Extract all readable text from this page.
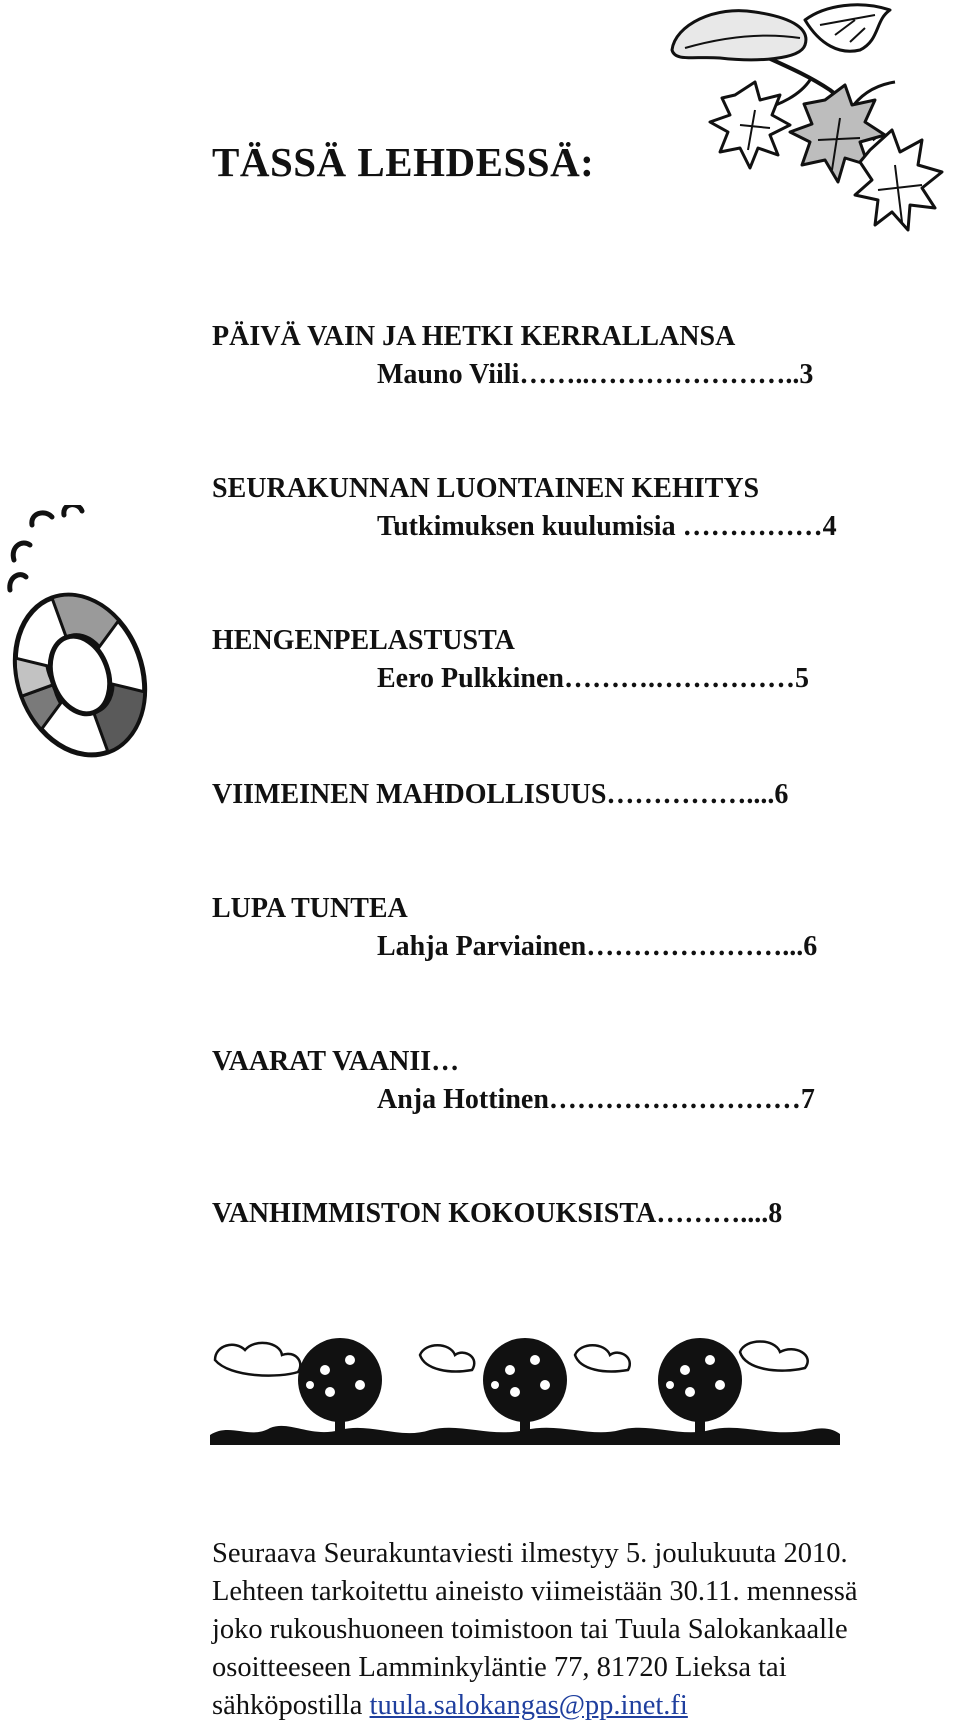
TÄSSÄ LEHDESSÄ:
PÄIVÄ VAIN JA HETKI KERRALLANSA
Mauno Viili……..…………………..3
SEURAKUNNAN LUONTAINEN KEHITYS
Tutkimuksen kuulumisia ……………4
HENGENPELASTUSTA
Eero Pulkkinen……….……………5
VIIMEINEN MAHDOLLISUUS……………....6
LUPA TUNTEA
Lahja Parviainen…………………...6
VAARAT VAANII…
Anja Hottinen………………………7
VANHIMMISTON KOKOUKSISTA………....8
Seuraava Seurakuntaviesti ilmestyy 5. joulukuuta 2010.
Lehteen tarkoitettu aineisto viimeistään 30.11. mennessä
joko rukoushuoneen toimistoon tai Tuula Salokankaalle
osoitteeseen Lamminkyläntie 77, 81720 Lieksa tai
sähköpostilla tuula.salokangas@pp.inet.fi
